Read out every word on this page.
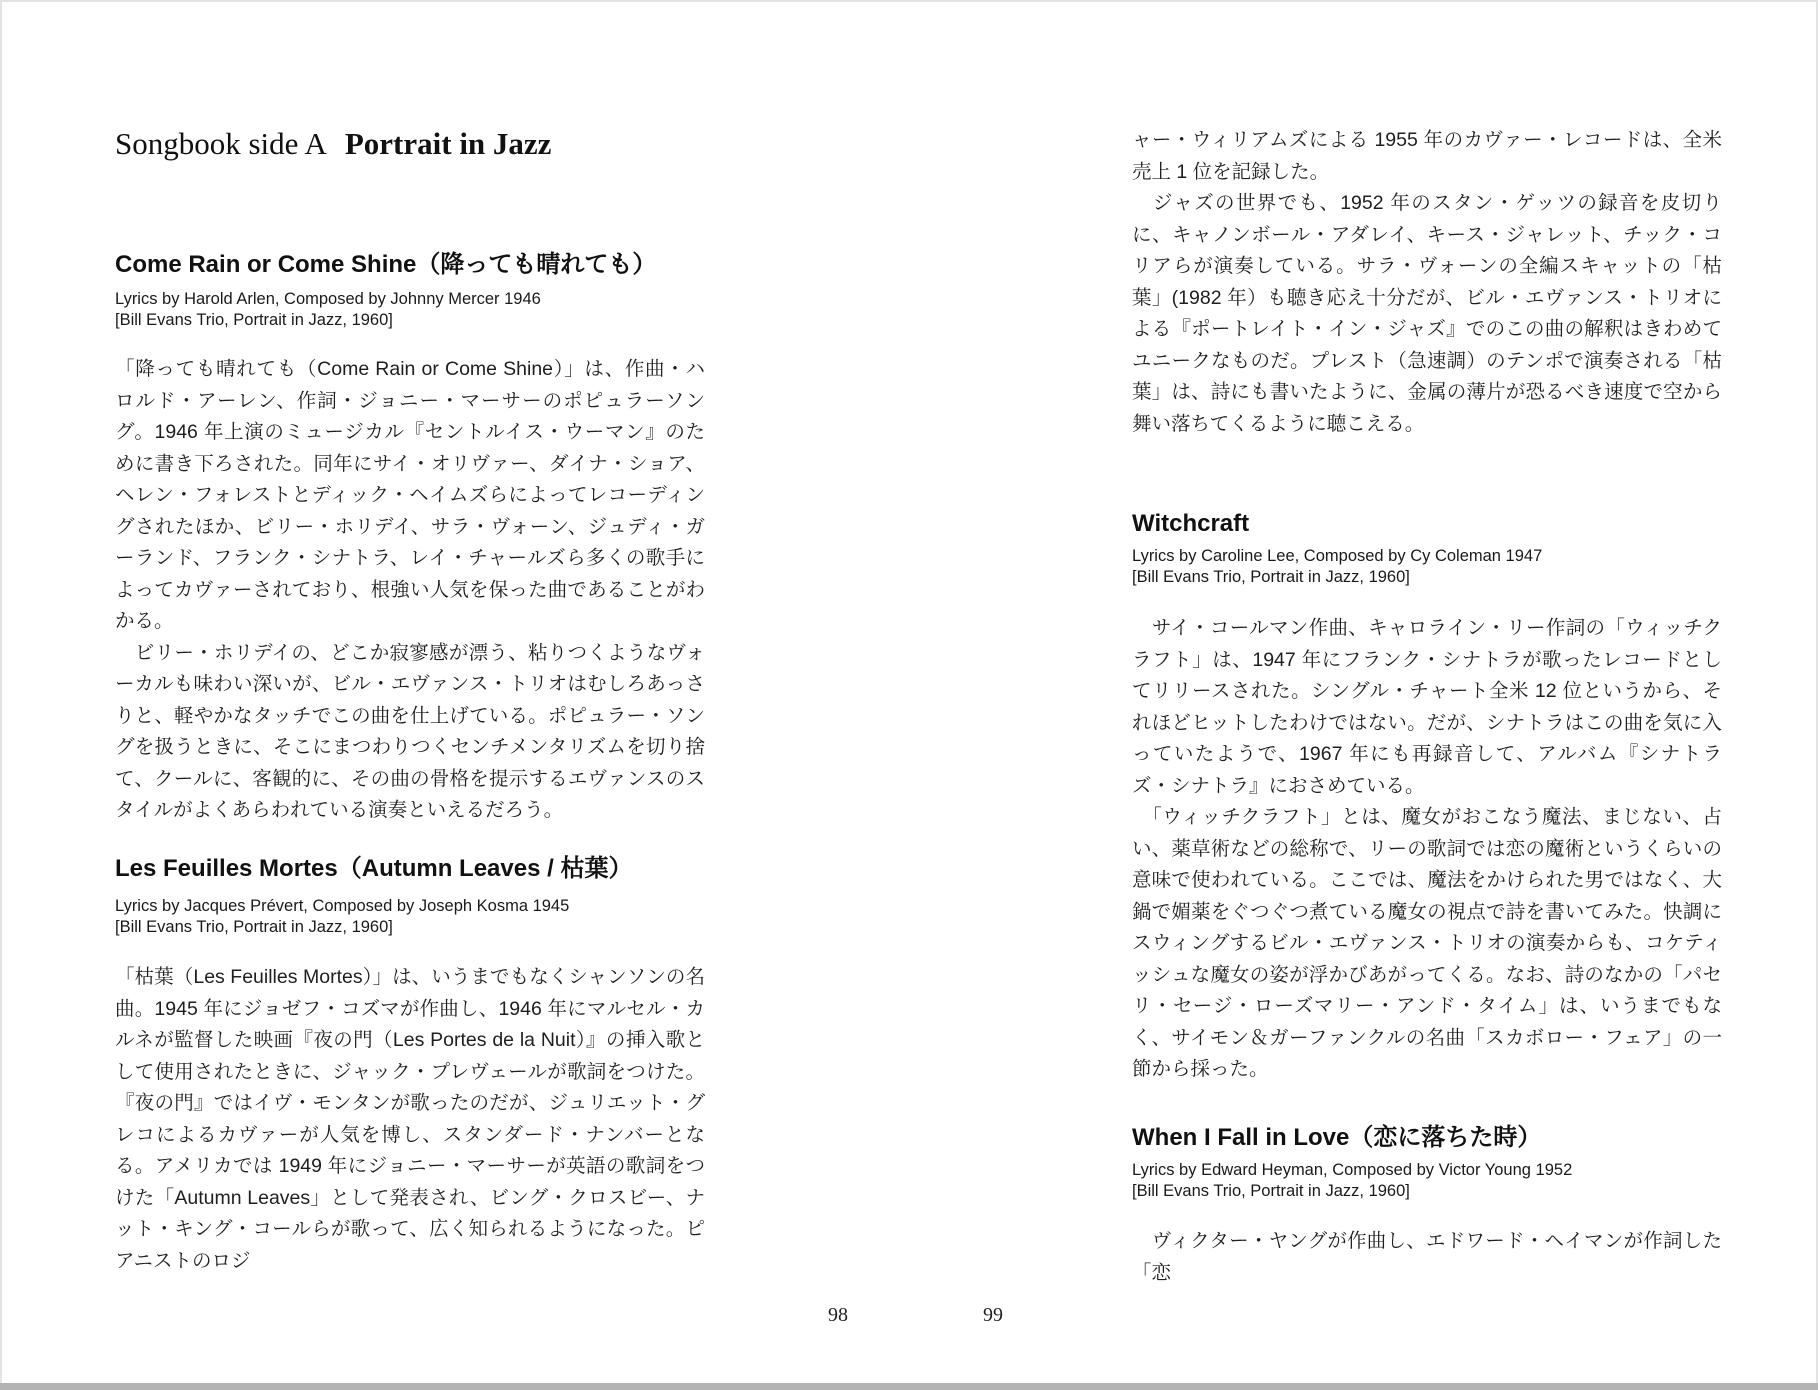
Songbook side A Portrait in Jazz
Come Rain or Come Shine（降っても晴れても）
Lyrics by Harold Arlen, Composed by Johnny Mercer 1946
[Bill Evans Trio, Portrait in Jazz, 1960]

「降っても晴れても（Come Rain or Come Shine）」は、作曲・ハロルド・アーレン、作詞・ジョニー・マーサーのポピュラーソング。1946 年上演のミュージカル『セントルイス・ウーマン』のために書き下ろされた。同年にサイ・オリヴァー、ダイナ・ショア、ヘレン・フォレストとディック・ヘイムズらによってレコーディングされたほか、ビリー・ホリデイ、サラ・ヴォーン、ジュディ・ガーランド、フランク・シナトラ、レイ・チャールズら多くの歌手によってカヴァーされており、根強い人気を保った曲であることがわかる。

　ビリー・ホリデイの、どこか寂寥感が漂う、粘りつくようなヴォーカルも味わい深いが、ビル・エヴァンス・トリオはむしろあっさりと、軽やかなタッチでこの曲を仕上げている。ポピュラー・ソングを扱うときに、そこにまつわりつくセンチメンタリズムを切り捨て、クールに、客観的に、その曲の骨格を提示するエヴァンスのスタイルがよくあらわれている演奏といえるだろう。

Les Feuilles Mortes（Autumn Leaves / 枯葉）
Lyrics by Jacques Prévert, Composed by Joseph Kosma 1945
[Bill Evans Trio, Portrait in Jazz, 1960]

「枯葉（Les Feuilles Mortes）」は、いうまでもなくシャンソンの名曲。1945 年にジョゼフ・コズマが作曲し、1946 年にマルセル・カルネが監督した映画『夜の門（Les Portes de la Nuit）』の挿入歌として使用されたときに、ジャック・プレヴェールが歌詞をつけた。『夜の門』ではイヴ・モンタンが歌ったのだが、ジュリエット・グレコによるカヴァーが人気を博し、スタンダード・ナンバーとなる。アメリカでは 1949 年にジョニー・マーサーが英語の歌詞をつけた「Autumn Leaves」として発表され、ビング・クロスビー、ナット・キング・コールらが歌って、広く知られるようになった。ピアニストのロジ

98

ャー・ウィリアムズによる 1955 年のカヴァー・レコードは、全米売上 1 位を記録した。

　ジャズの世界でも、1952 年のスタン・ゲッツの録音を皮切りに、キャノンボール・アダレイ、キース・ジャレット、チック・コリアらが演奏している。サラ・ヴォーンの全編スキャットの「枯葉」(1982 年）も聴き応え十分だが、ビル・エヴァンス・トリオによる『ポートレイト・イン・ジャズ』でのこの曲の解釈はきわめてユニークなものだ。プレスト（急速調）のテンポで演奏される「枯葉」は、詩にも書いたように、金属の薄片が恐るべき速度で空から舞い落ちてくるように聴こえる。

Witchcraft
Lyrics by Caroline Lee, Composed by Cy Coleman 1947
[Bill Evans Trio, Portrait in Jazz, 1960]

　サイ・コールマン作曲、キャロライン・リー作詞の「ウィッチクラフト」は、1947 年にフランク・シナトラが歌ったレコードとしてリリースされた。シングル・チャート全米 12 位というから、それほどヒットしたわけではない。だが、シナトラはこの曲を気に入っていたようで、1967 年にも再録音して、アルバム『シナトラズ・シナトラ』におさめている。

　「ウィッチクラフト」とは、魔女がおこなう魔法、まじない、占い、薬草術などの総称で、リーの歌詞では恋の魔術というくらいの意味で使われている。ここでは、魔法をかけられた男ではなく、大鍋で媚薬をぐつぐつ煮ている魔女の視点で詩を書いてみた。快調にスウィングするビル・エヴァンス・トリオの演奏からも、コケティッシュな魔女の姿が浮かびあがってくる。なお、詩のなかの「パセリ・セージ・ローズマリー・アンド・タイム」は、いうまでもなく、サイモン＆ガーファンクルの名曲「スカボロー・フェア」の一節から採った。

When I Fall in Love（恋に落ちた時）
Lyrics by Edward Heyman, Composed by Victor Young 1952
[Bill Evans Trio, Portrait in Jazz, 1960]

　ヴィクター・ヤングが作曲し、エドワード・ヘイマンが作詞した「恋

99
